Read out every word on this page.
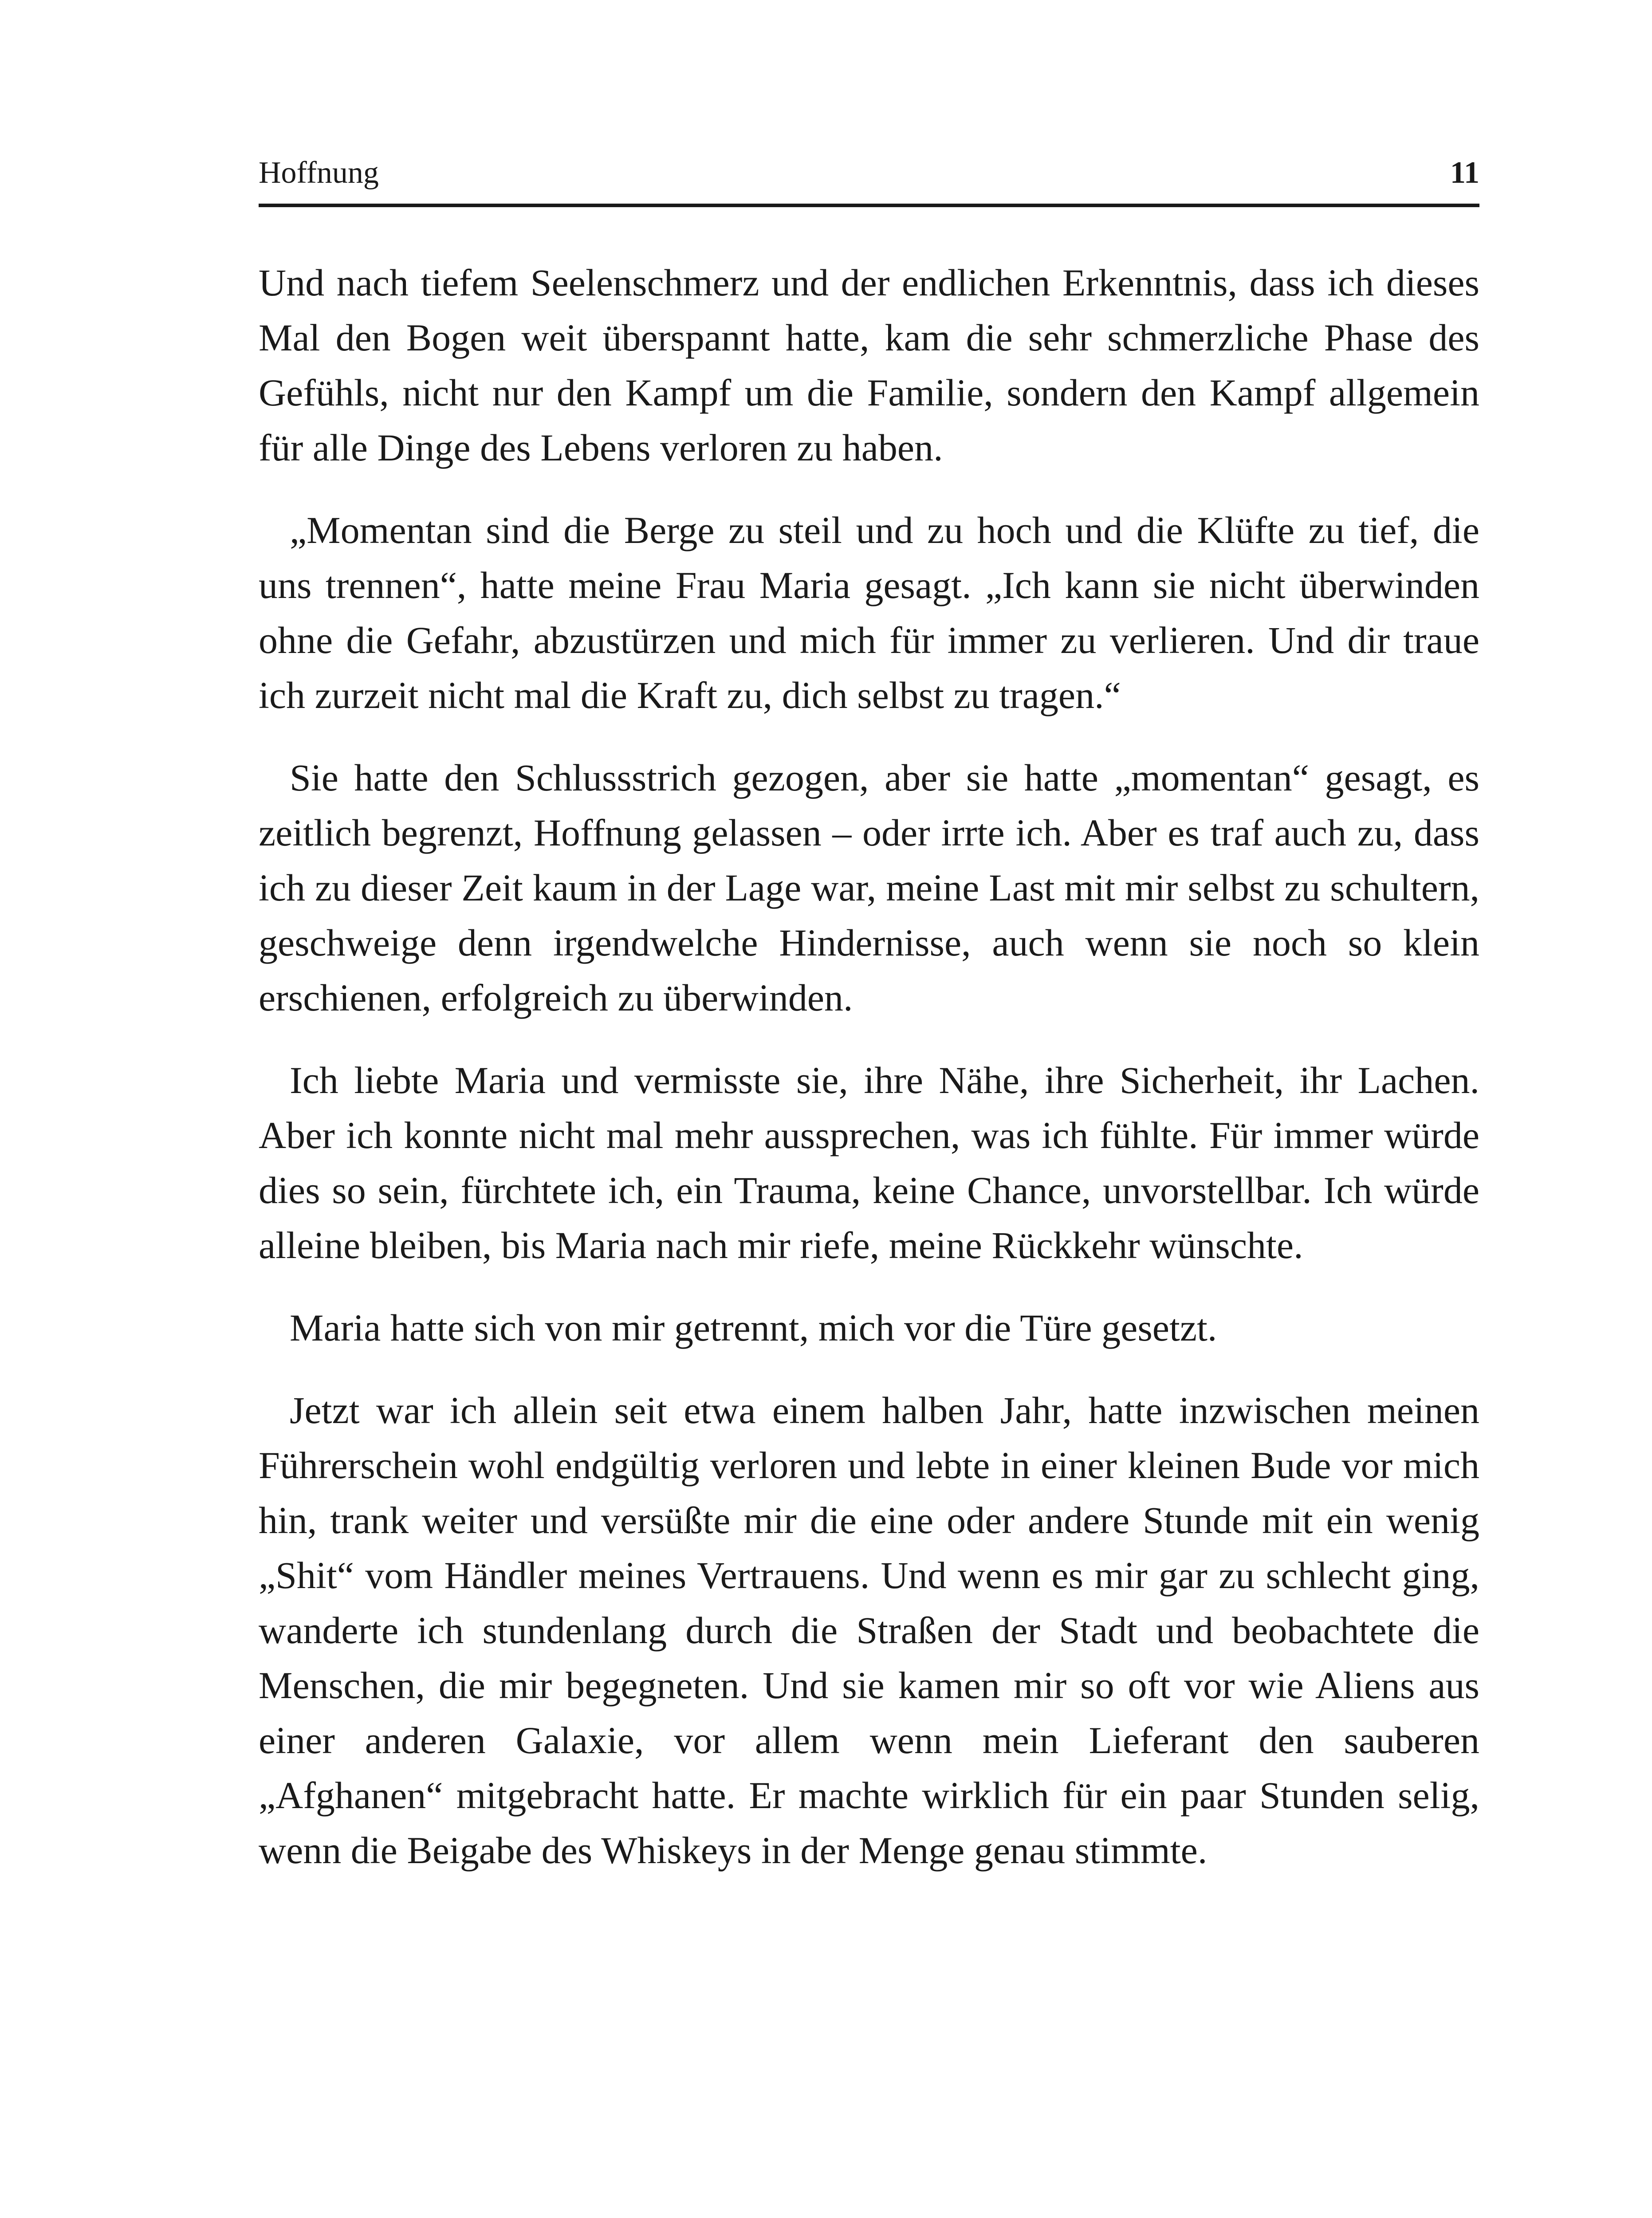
Hoffnung	11

Und nach tiefem Seelenschmerz und der endlichen Erkenntnis, dass ich dieses Mal den Bogen weit überspannt hatte, kam die sehr schmerzliche Phase des Gefühls, nicht nur den Kampf um die Familie, sondern den Kampf allgemein für alle Dinge des Lebens verloren zu haben.

„Momentan sind die Berge zu steil und zu hoch und die Klüfte zu tief, die uns trennen“, hatte meine Frau Maria gesagt. „Ich kann sie nicht überwinden ohne die Gefahr, abzustürzen und mich für immer zu verlieren. Und dir traue ich zurzeit nicht mal die Kraft zu, dich selbst zu tragen.“

Sie hatte den Schlussstrich gezogen, aber sie hatte „momentan“ gesagt, es zeitlich begrenzt, Hoffnung gelassen – oder irrte ich. Aber es traf auch zu, dass ich zu dieser Zeit kaum in der Lage war, meine Last mit mir selbst zu schultern, geschweige denn irgendwelche Hindernisse, auch wenn sie noch so klein erschienen, erfolgreich zu überwinden.

Ich liebte Maria und vermisste sie, ihre Nähe, ihre Sicherheit, ihr Lachen. Aber ich konnte nicht mal mehr aussprechen, was ich fühlte. Für immer würde dies so sein, fürchtete ich, ein Trauma, keine Chance, unvorstellbar. Ich würde alleine bleiben, bis Maria nach mir riefe, meine Rückkehr wünschte.

Maria hatte sich von mir getrennt, mich vor die Türe gesetzt.

Jetzt war ich allein seit etwa einem halben Jahr, hatte inzwischen meinen Führerschein wohl endgültig verloren und lebte in einer kleinen Bude vor mich hin, trank weiter und versüßte mir die eine oder andere Stunde mit ein wenig „Shit“ vom Händler meines Vertrauens. Und wenn es mir gar zu schlecht ging, wanderte ich stundenlang durch die Straßen der Stadt und beobachtete die Menschen, die mir begegneten. Und sie kamen mir so oft vor wie Aliens aus einer anderen Galaxie, vor allem wenn mein Lieferant den sauberen „Afghanen“ mitgebracht hatte. Er machte wirklich für ein paar Stunden selig, wenn die Beigabe des Whiskeys in der Menge genau stimmte.
